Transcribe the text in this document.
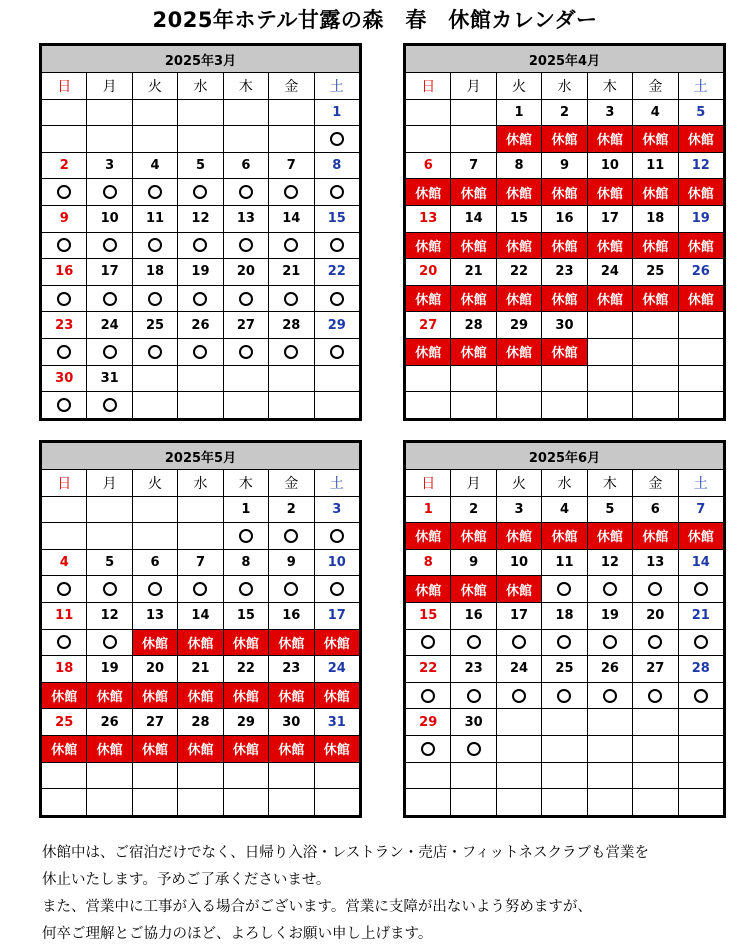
2025年ホテル甘露の森　春　休館カレンダー
2025年3月						
日	月	火	水	木	金	土
						1

2	3	4	5	6	7	8

9	10	11	12	13	14	15

16	17	18	19	20	21	22

23	24	25	26	27	28	29

30	31					

2025年4月						
日	月	火	水	木	金	土
		1	2	3	4	5
		休館	休館	休館	休館	休館
6	7	8	9	10	11	12
休館	休館	休館	休館	休館	休館	休館
13	14	15	16	17	18	19
休館	休館	休館	休館	休館	休館	休館
20	21	22	23	24	25	26
休館	休館	休館	休館	休館	休館	休館
27	28	29	30			
休館	休館	休館	休館			

2025年5月						
日	月	火	水	木	金	土
				1	2	3

4	5	6	7	8	9	10

11	12	13	14	15	16	17
		休館	休館	休館	休館	休館
18	19	20	21	22	23	24
休館	休館	休館	休館	休館	休館	休館
25	26	27	28	29	30	31
休館	休館	休館	休館	休館	休館	休館

2025年6月						
日	月	火	水	木	金	土
1	2	3	4	5	6	7
休館	休館	休館	休館	休館	休館	休館
8	9	10	11	12	13	14
休館	休館	休館				
15	16	17	18	19	20	21

22	23	24	25	26	27	28

29	30					

休館中は、ご宿泊だけでなく、日帰り入浴・レストラン・売店・フィットネスクラブも営業を

休止いたします。予めご了承くださいませ。

また、営業中に工事が入る場合がございます。営業に支障が出ないよう努めますが、

何卒ご理解とご協力のほど、よろしくお願い申し上げます。
